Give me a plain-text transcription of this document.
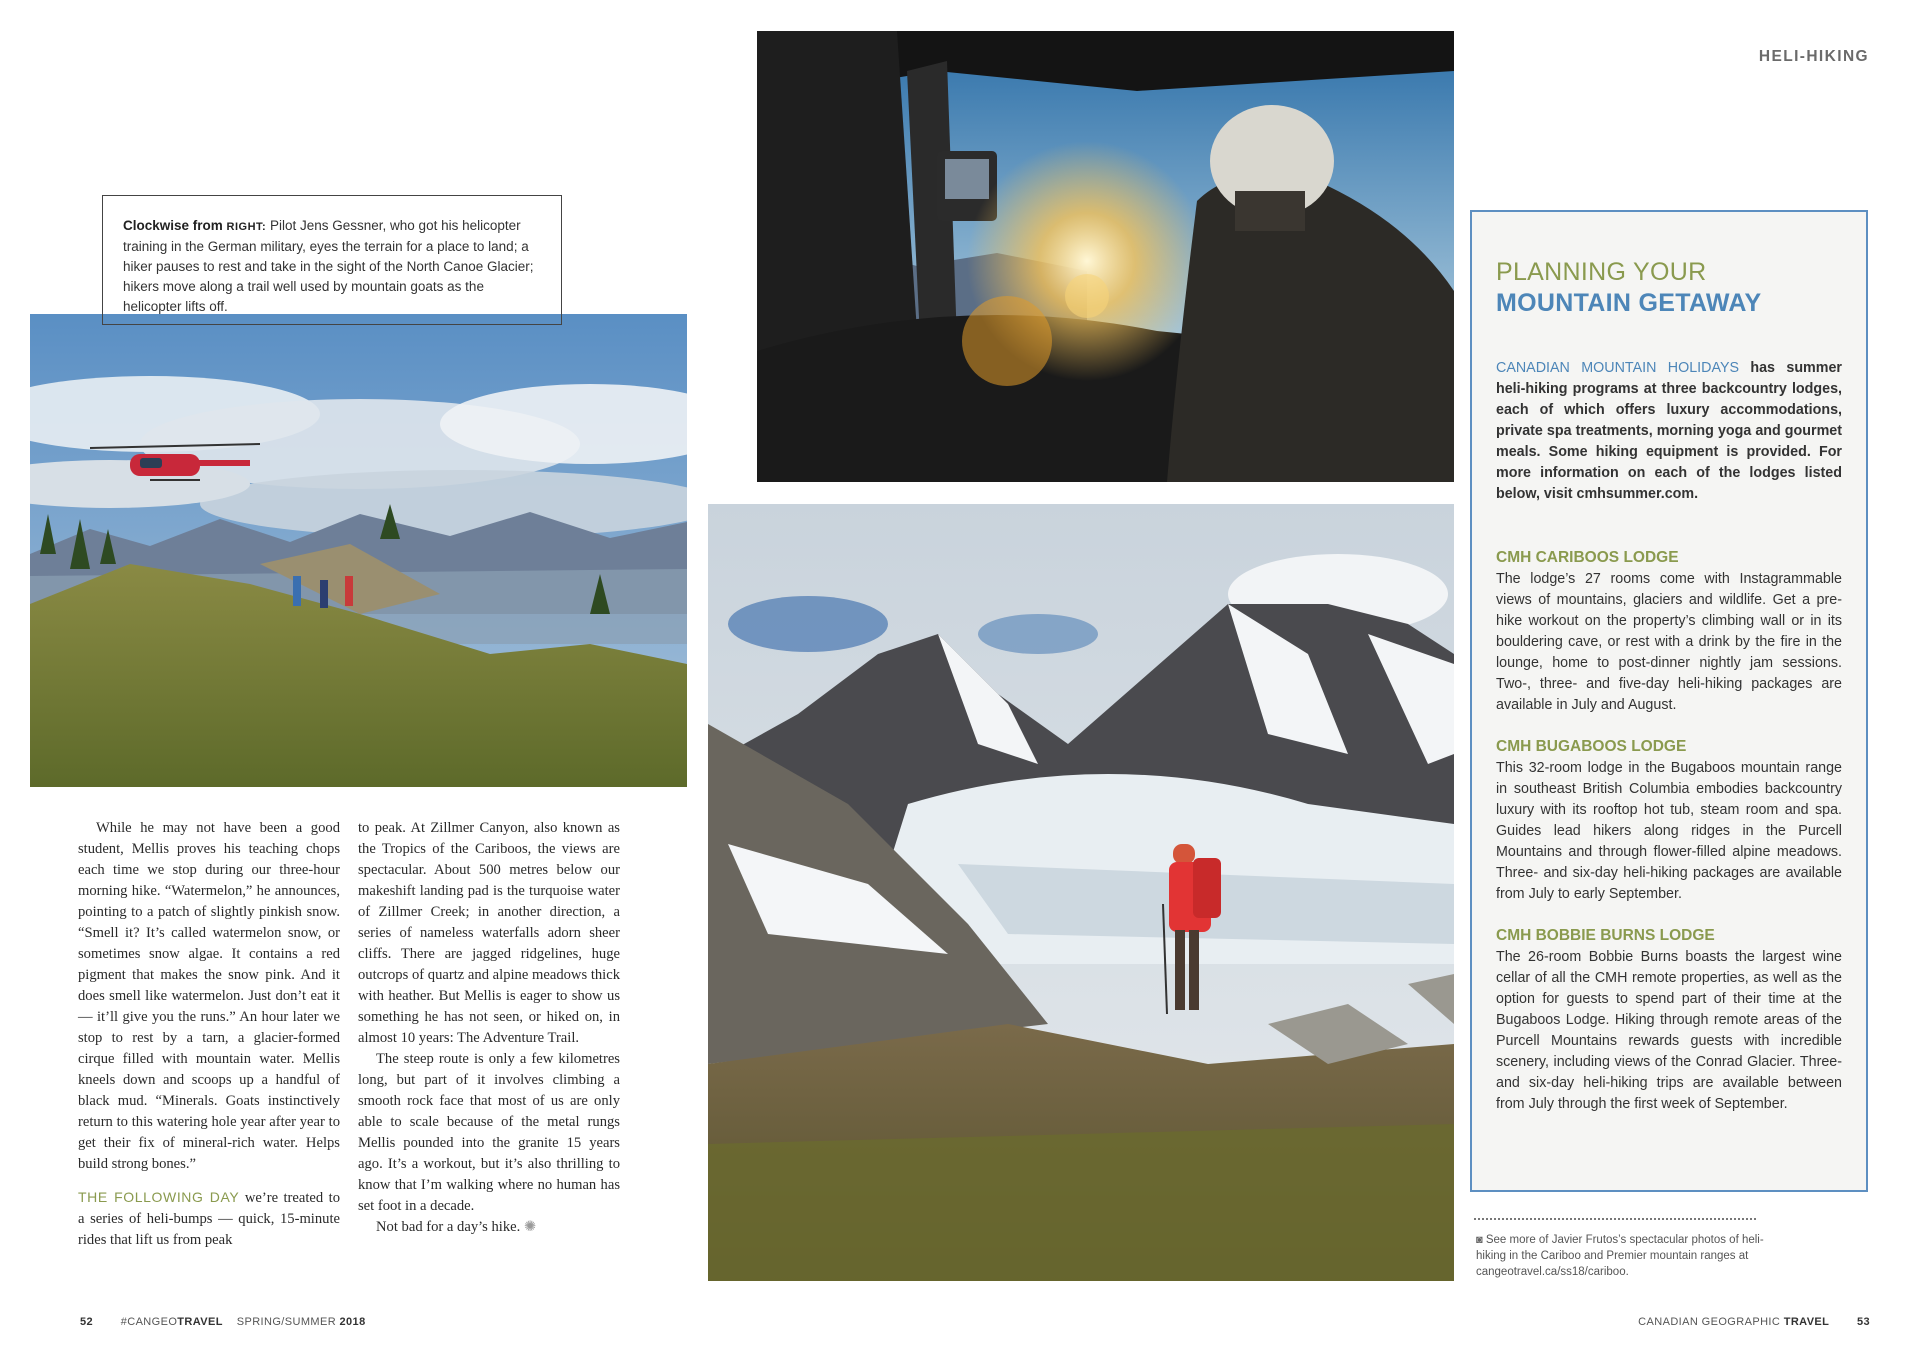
HELI-HIKING
Clockwise from RIGHT: Pilot Jens Gessner, who got his helicopter training in the German military, eyes the terrain for a place to land; a hiker pauses to rest and take in the sight of the North Canoe Glacier; hikers move along a trail well used by mountain goats as the helicopter lifts off.

While he may not have been a good student, Mellis proves his teaching chops each time we stop during our three-hour morning hike. “Watermelon,” he announces, pointing to a patch of slightly pinkish snow. “Smell it? It’s called watermelon snow, or sometimes snow algae. It contains a red pigment that makes the snow pink. And it does smell like watermelon. Just don’t eat it — it’ll give you the runs.” An hour later we stop to rest by a tarn, a glacier-formed cirque filled with mountain water. Mellis kneels down and scoops up a handful of black mud. “Minerals. Goats instinctively return to this watering hole year after year to get their fix of mineral-rich water. Helps build strong bones.”

THE FOLLOWING DAY we’re treated to a series of heli-bumps — quick, 15-minute rides that lift us from peak

to peak. At Zillmer Canyon, also known as the Tropics of the Cariboos, the views are spectacular. About 500 metres below our makeshift landing pad is the turquoise water of Zillmer Creek; in another direction, a series of nameless waterfalls adorn sheer cliffs. There are jagged ridgelines, huge outcrops of quartz and alpine meadows thick with heather. But Mellis is eager to show us something he has not seen, or hiked on, in almost 10 years: The Adventure Trail.

The steep route is only a few kilometres long, but part of it involves climbing a smooth rock face that most of us are only able to scale because of the metal rungs Mellis pounded into the granite 15 years ago. It’s a workout, but it’s also thrilling to know that I’m walking where no human has set foot in a decade.

Not bad for a day’s hike. ✺

PLANNING YOUR
MOUNTAIN GETAWAY
CANADIAN MOUNTAIN HOLIDAYS has summer heli-hiking programs at three backcountry lodges, each of which offers luxury accommodations, private spa treatments, morning yoga and gourmet meals. Some hiking equipment is provided. For more information on each of the lodges listed below, visit cmhsummer.com.
CMH CARIBOOS LODGE
The lodge’s 27 rooms come with Instagrammable views of mountains, glaciers and wildlife. Get a pre-hike workout on the property’s climbing wall or in its bouldering cave, or rest with a drink by the fire in the lounge, home to post-dinner nightly jam sessions. Two-, three- and five-day heli-hiking packages are available in July and August.
CMH BUGABOOS LODGE
This 32-room lodge in the Bugaboos mountain range in southeast British Columbia embodies backcountry luxury with its rooftop hot tub, steam room and spa. Guides lead hikers along ridges in the Purcell Mountains and through flower-filled alpine meadows. Three- and six-day heli-hiking packages are available from July to early September.
CMH BOBBIE BURNS LODGE
The 26-room Bobbie Burns boasts the largest wine cellar of all the CMH remote properties, as well as the option for guests to spend part of their time at the Bugaboos Lodge. Hiking through remote areas of the Purcell Mountains rewards guests with incredible scenery, including views of the Conrad Glacier. Three- and six-day heli-hiking trips are available between from July through the first week of September.
◙ See more of Javier Frutos’s spectacular photos of heli-hiking in the Cariboo and Premier mountain ranges at cangeotravel.ca/ss18/cariboo.
52	#CANGEOTRAVEL SPRING/SUMMER 2018	CANADIAN GEOGRAPHIC TRAVEL	53
